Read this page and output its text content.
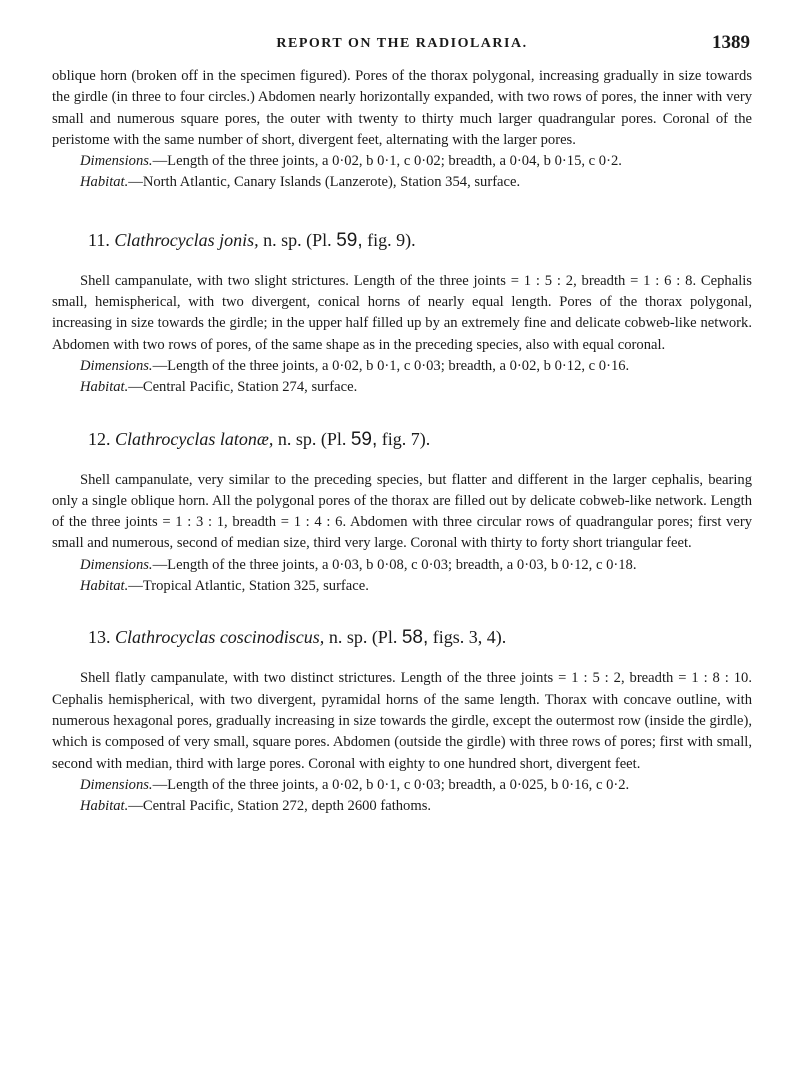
REPORT ON THE RADIOLARIA.	1389

oblique horn (broken off in the specimen figured). Pores of the thorax polygonal, increasing gradually in size towards the girdle (in three to four circles.) Abdomen nearly horizontally expanded, with two rows of pores, the inner with very small and numerous square pores, the outer with twenty to thirty much larger quadrangular pores. Coronal of the peristome with the same number of short, divergent feet, alternating with the larger pores.

Dimensions.—Length of the three joints, a 0·02, b 0·1, c 0·02; breadth, a 0·04, b 0·15, c 0·2.

Habitat.—North Atlantic, Canary Islands (Lanzerote), Station 354, surface.

11. Clathrocyclas jonis, n. sp. (Pl. 59, fig. 9).

Shell campanulate, with two slight strictures. Length of the three joints = 1 : 5 : 2, breadth = 1 : 6 : 8. Cephalis small, hemispherical, with two divergent, conical horns of nearly equal length. Pores of the thorax polygonal, increasing in size towards the girdle; in the upper half filled up by an extremely fine and delicate cobweb-like network. Abdomen with two rows of pores, of the same shape as in the preceding species, also with equal coronal.

Dimensions.—Length of the three joints, a 0·02, b 0·1, c 0·03; breadth, a 0·02, b 0·12, c 0·16.

Habitat.—Central Pacific, Station 274, surface.

12. Clathrocyclas latonæ, n. sp. (Pl. 59, fig. 7).

Shell campanulate, very similar to the preceding species, but flatter and different in the larger cephalis, bearing only a single oblique horn. All the polygonal pores of the thorax are filled out by delicate cobweb-like network. Length of the three joints = 1 : 3 : 1, breadth = 1 : 4 : 6. Abdomen with three circular rows of quadrangular pores; first very small and numerous, second of median size, third very large. Coronal with thirty to forty short triangular feet.

Dimensions.—Length of the three joints, a 0·03, b 0·08, c 0·03; breadth, a 0·03, b 0·12, c 0·18.

Habitat.—Tropical Atlantic, Station 325, surface.

13. Clathrocyclas coscinodiscus, n. sp. (Pl. 58, figs. 3, 4).

Shell flatly campanulate, with two distinct strictures. Length of the three joints = 1 : 5 : 2, breadth = 1 : 8 : 10. Cephalis hemispherical, with two divergent, pyramidal horns of the same length. Thorax with concave outline, with numerous hexagonal pores, gradually increasing in size towards the girdle, except the outermost row (inside the girdle), which is composed of very small, square pores. Abdomen (outside the girdle) with three rows of pores; first with small, second with median, third with large pores. Coronal with eighty to one hundred short, divergent feet.

Dimensions.—Length of the three joints, a 0·02, b 0·1, c 0·03; breadth, a 0·025, b 0·16, c 0·2.

Habitat.—Central Pacific, Station 272, depth 2600 fathoms.
